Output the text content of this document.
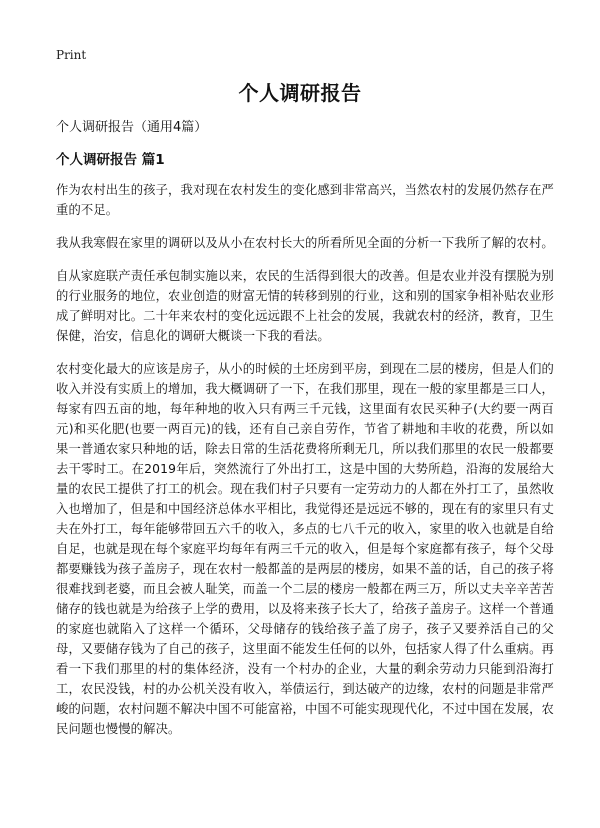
Print
个人调研报告
个人调研报告（通用4篇）
个人调研报告 篇1

作为农村出生的孩子，我对现在农村发生的变化感到非常高兴，当然农村的发展仍然存在严重的不足。

我从我寒假在家里的调研以及从小在农村长大的所看所见全面的分析一下我所了解的农村。

自从家庭联产责任承包制实施以来，农民的生活得到很大的改善。但是农业并没有摆脱为别的行业服务的地位，农业创造的财富无情的转移到别的行业，这和别的国家争相补贴农业形成了鲜明对比。二十年来农村的变化远远跟不上社会的发展，我就农村的经济，教育，卫生保健，治安，信息化的调研大概谈一下我的看法。

农村变化最大的应该是房子，从小的时候的土坯房到平房，到现在二层的楼房，但是人们的收入并没有实质上的增加，我大概调研了一下，在我们那里，现在一般的家里都是三口人，每家有四五亩的地，每年种地的收入只有两三千元钱，这里面有农民买种子(大约要一两百元)和买化肥(也要一两百元)的钱，还有自己亲自劳作，节省了耕地和丰收的花费，所以如果一普通农家只种地的话，除去日常的生活花费将所剩无几，所以我们那里的农民一般都要去干零时工。在2019年后，突然流行了外出打工，这是中国的大势所趋，沿海的发展给大量的农民工提供了打工的机会。现在我们村子只要有一定劳动力的人都在外打工了，虽然收入也增加了，但是和中国经济总体水平相比，我觉得还是远远不够的，现在有的家里只有丈夫在外打工，每年能够带回五六千的收入，多点的七八千元的收入，家里的收入也就是自给自足，也就是现在每个家庭平均每年有两三千元的收入，但是每个家庭都有孩子，每个父母都要赚钱为孩子盖房子，现在农村一般都盖的是两层的楼房，如果不盖的话，自己的孩子将很难找到老婆，而且会被人耻笑，而盖一个二层的楼房一般都在两三万，所以丈夫辛辛苦苦储存的钱也就是为给孩子上学的费用，以及将来孩子长大了，给孩子盖房子。这样一个普通的家庭也就陷入了这样一个循环，父母储存的钱给孩子盖了房子，孩子又要养活自己的父母，又要储存钱为了自己的孩子，这里面不能发生任何的以外，包括家人得了什么重病。再看一下我们那里的村的集体经济，没有一个村办的企业，大量的剩余劳动力只能到沿海打工，农民没钱，村的办公机关没有收入，举债运行，到达破产的边缘，农村的问题是非常严峻的问题，农村问题不解决中国不可能富裕，中国不可能实现现代化，不过中国在发展，农民问题也慢慢的解决。
